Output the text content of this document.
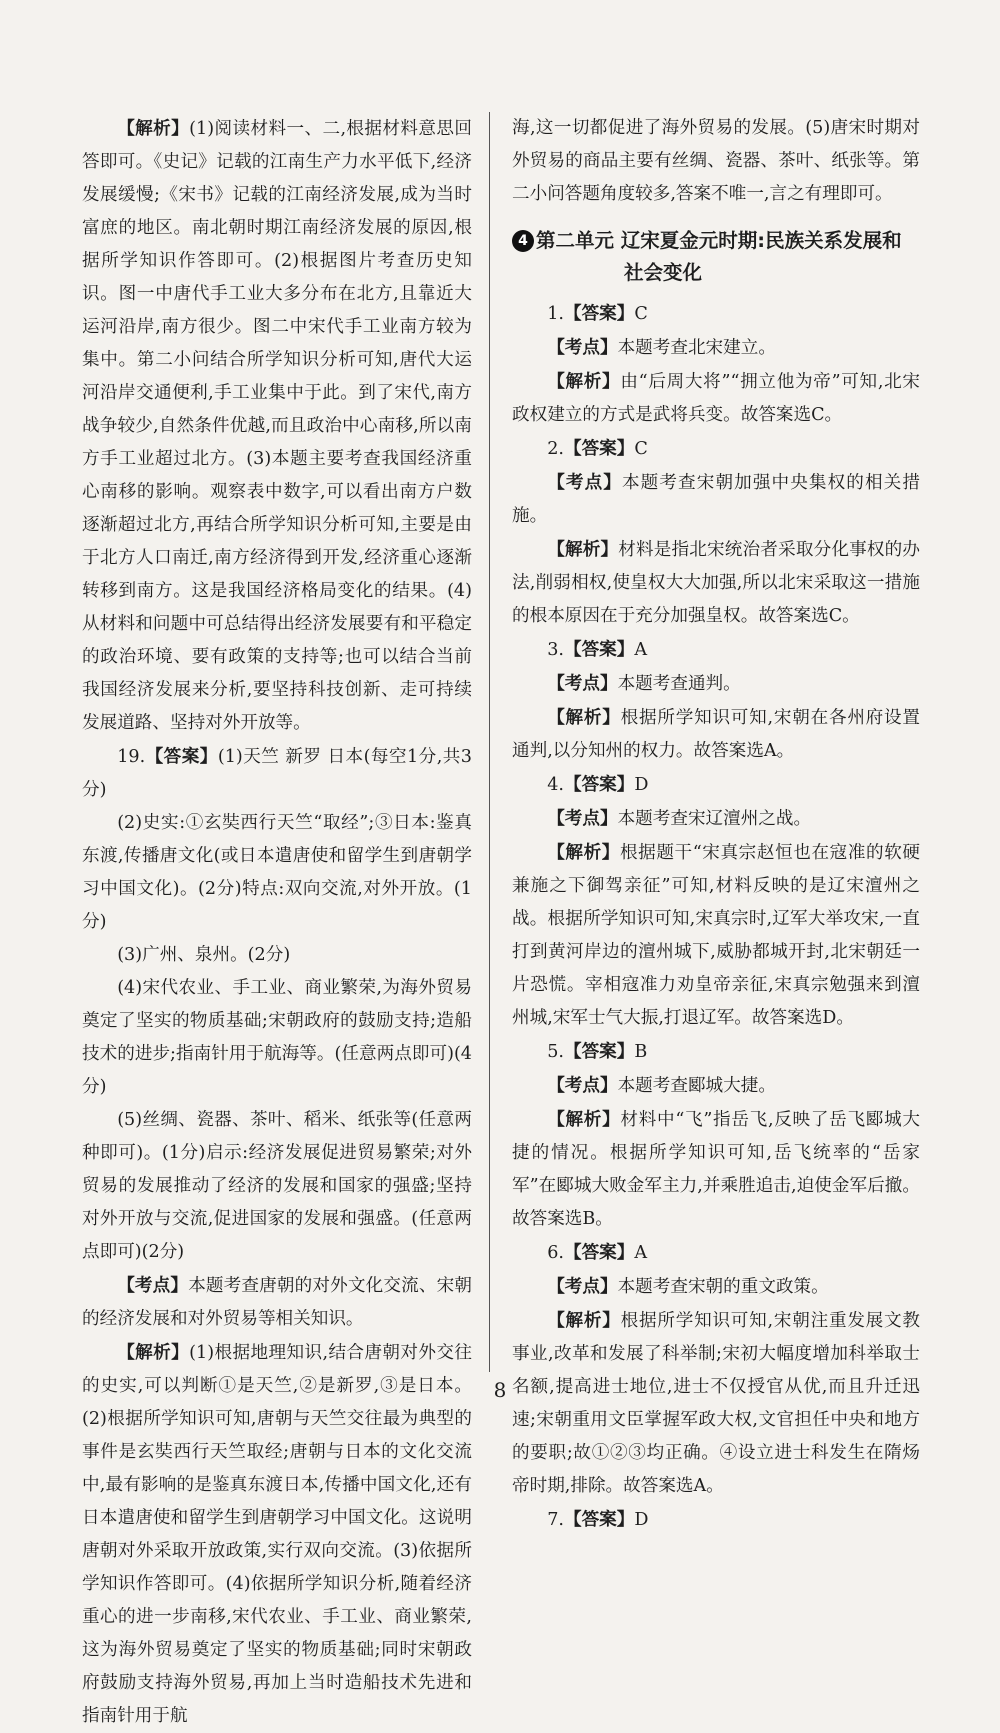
【解析】(1)阅读材料一、二,根据材料意思回答即可。《史记》记载的江南生产力水平低下,经济发展缓慢;《宋书》记载的江南经济发展,成为当时富庶的地区。南北朝时期江南经济发展的原因,根据所学知识作答即可。(2)根据图片考查历史知识。图一中唐代手工业大多分布在北方,且靠近大运河沿岸,南方很少。图二中宋代手工业南方较为集中。第二小问结合所学知识分析可知,唐代大运河沿岸交通便利,手工业集中于此。到了宋代,南方战争较少,自然条件优越,而且政治中心南移,所以南方手工业超过北方。(3)本题主要考查我国经济重心南移的影响。观察表中数字,可以看出南方户数逐渐超过北方,再结合所学知识分析可知,主要是由于北方人口南迁,南方经济得到开发,经济重心逐渐转移到南方。这是我国经济格局变化的结果。(4)从材料和问题中可总结得出经济发展要有和平稳定的政治环境、要有政策的支持等;也可以结合当前我国经济发展来分析,要坚持科技创新、走可持续发展道路、坚持对外开放等。

19.【答案】(1)天竺 新罗 日本(每空1分,共3分)

(2)史实:①玄奘西行天竺“取经”;③日本:鉴真东渡,传播唐文化(或日本遣唐使和留学生到唐朝学习中国文化)。(2分)特点:双向交流,对外开放。(1分)

(3)广州、泉州。(2分)

(4)宋代农业、手工业、商业繁荣,为海外贸易奠定了坚实的物质基础;宋朝政府的鼓励支持;造船技术的进步;指南针用于航海等。(任意两点即可)(4分)

(5)丝绸、瓷器、茶叶、稻米、纸张等(任意两种即可)。(1分)启示:经济发展促进贸易繁荣;对外贸易的发展推动了经济的发展和国家的强盛;坚持对外开放与交流,促进国家的发展和强盛。(任意两点即可)(2分)

【考点】本题考查唐朝的对外文化交流、宋朝的经济发展和对外贸易等相关知识。

【解析】(1)根据地理知识,结合唐朝对外交往的史实,可以判断①是天竺,②是新罗,③是日本。(2)根据所学知识可知,唐朝与天竺交往最为典型的事件是玄奘西行天竺取经;唐朝与日本的文化交流中,最有影响的是鉴真东渡日本,传播中国文化,还有日本遣唐使和留学生到唐朝学习中国文化。这说明唐朝对外采取开放政策,实行双向交流。(3)依据所学知识作答即可。(4)依据所学知识分析,随着经济重心的进一步南移,宋代农业、手工业、商业繁荣,这为海外贸易奠定了坚实的物质基础;同时宋朝政府鼓励支持海外贸易,再加上当时造船技术先进和指南针用于航

海,这一切都促进了海外贸易的发展。(5)唐宋时期对外贸易的商品主要有丝绸、瓷器、茶叶、纸张等。第二小问答题角度较多,答案不唯一,言之有理即可。

4 第二单元 辽宋夏金元时期:民族关系发展和
社会变化

1.【答案】C

【考点】本题考查北宋建立。

【解析】由“后周大将”“拥立他为帝”可知,北宋政权建立的方式是武将兵变。故答案选C。

2.【答案】C

【考点】本题考查宋朝加强中央集权的相关措施。

【解析】材料是指北宋统治者采取分化事权的办法,削弱相权,使皇权大大加强,所以北宋采取这一措施的根本原因在于充分加强皇权。故答案选C。

3.【答案】A

【考点】本题考查通判。

【解析】根据所学知识可知,宋朝在各州府设置通判,以分知州的权力。故答案选A。

4.【答案】D

【考点】本题考查宋辽澶州之战。

【解析】根据题干“宋真宗赵恒也在寇准的软硬兼施之下御驾亲征”可知,材料反映的是辽宋澶州之战。根据所学知识可知,宋真宗时,辽军大举攻宋,一直打到黄河岸边的澶州城下,威胁都城开封,北宋朝廷一片恐慌。宰相寇准力劝皇帝亲征,宋真宗勉强来到澶州城,宋军士气大振,打退辽军。故答案选D。

5.【答案】B

【考点】本题考查郾城大捷。

【解析】材料中“飞”指岳飞,反映了岳飞郾城大捷的情况。根据所学知识可知,岳飞统率的“岳家军”在郾城大败金军主力,并乘胜追击,迫使金军后撤。故答案选B。

6.【答案】A

【考点】本题考查宋朝的重文政策。

【解析】根据所学知识可知,宋朝注重发展文教事业,改革和发展了科举制;宋初大幅度增加科举取士名额,提高进士地位,进士不仅授官从优,而且升迁迅速;宋朝重用文臣掌握军政大权,文官担任中央和地方的要职;故①②③均正确。④设立进士科发生在隋炀帝时期,排除。故答案选A。

7.【答案】D

8
